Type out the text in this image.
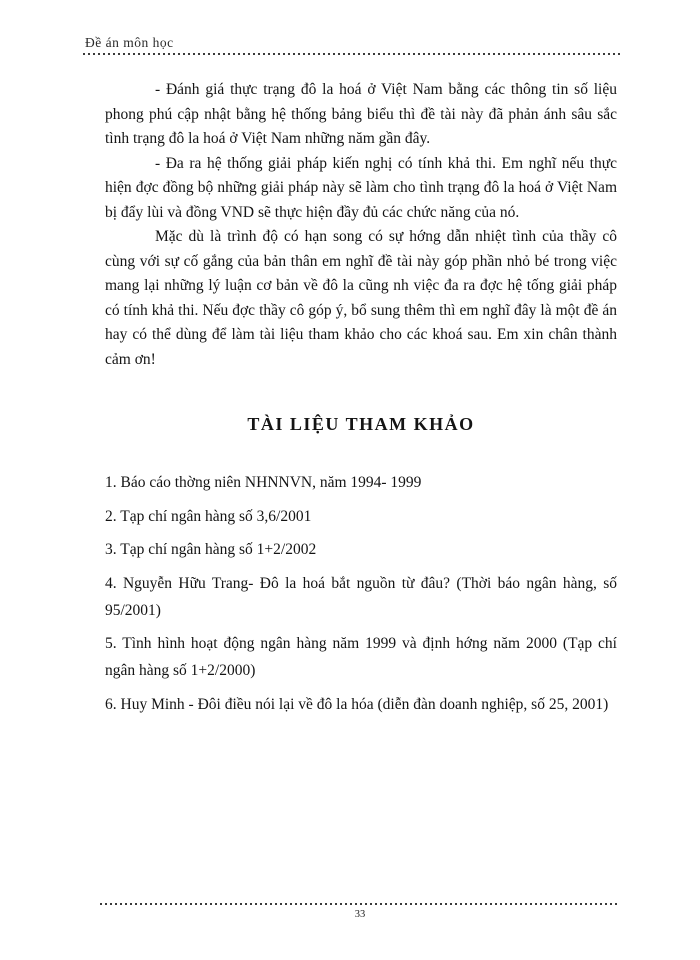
Đề án môn học

- Đánh giá thực trạng đô la hoá ở Việt Nam bằng các thông tin số liệu phong phú cập nhật bằng hệ thống bảng biểu thì đề tài này đã phản ánh sâu sắc tình trạng đô la hoá ở Việt Nam những năm gần đây.

- Đa ra hệ thống giải pháp kiến nghị có tính khả thi. Em nghĩ nếu thực hiện đợc đồng bộ những giải pháp này sẽ làm cho tình trạng đô la hoá ở Việt Nam bị đẩy lùi và đồng VND sẽ thực hiện đầy đủ các chức năng của nó.

Mặc dù là trình độ có hạn song có sự hớng dẫn nhiệt tình của thầy cô cùng với sự cố gắng của bản thân em nghĩ đề tài này góp phần nhỏ bé trong việc mang lại những lý luận cơ bản về đô la cũng nh việc đa ra đợc hệ tống giải pháp có tính khả thi. Nếu đợc thầy cô góp ý, bổ sung thêm thì em nghĩ đây là một đề án hay có thể dùng để làm tài liệu tham khảo cho các khoá sau. Em xin chân thành cảm ơn!

TÀI LIỆU THAM KHẢO

1. Báo cáo thờng niên NHNNVN, năm 1994- 1999

2. Tạp chí ngân hàng số 3,6/2001

3. Tạp chí ngân hàng số 1+2/2002

4. Nguyễn Hữu Trang- Đô la hoá bắt nguồn từ đâu? (Thời báo ngân hàng, số 95/2001)

5. Tình hình hoạt động ngân hàng năm 1999 và định hớng năm 2000 (Tạp chí ngân hàng số 1+2/2000)

6. Huy Minh - Đôi điều nói lại về đô la hóa (diễn đàn doanh nghiệp, số 25, 2001)

33
